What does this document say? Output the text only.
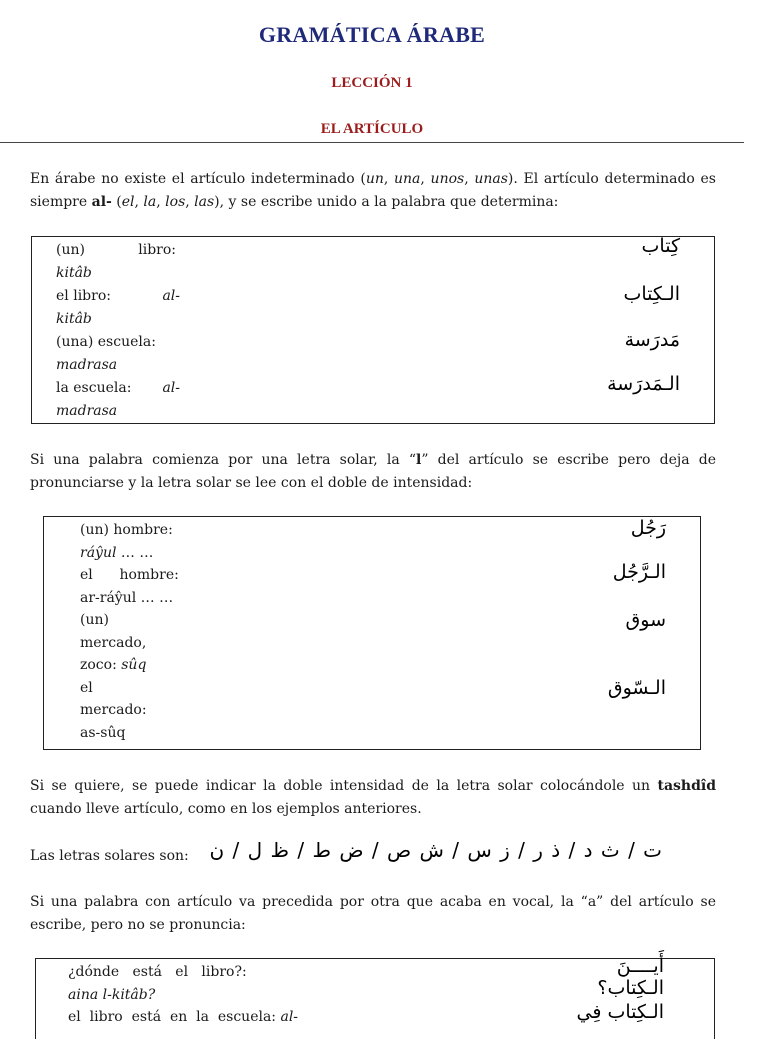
GRAMÁTICA ÁRABE
LECCIÓN 1
EL ARTÍCULO
En árabe no existe el artículo indeterminado (un, una, unos, unas). El artículo determinado es siempre al- (el, la, los, las), y se escribe unido a la palabra que determina:
(un)	libro:
kitâb
كِتاب
el libro:	al-
kitâb
الـكِتاب
(una) escuela:
madrasa
مَدرَسة
la escuela: al-
madrasa
الـمَدرَسة
Si una palabra comienza por una letra solar, la “l” del artículo se escribe pero deja de pronunciarse y la letra solar se lee con el doble de intensidad:
(un) hombre:
ráŷul … …
el      hombre:
ar-ráŷul … …
(un)
mercado,
zoco: sûq
el
mercado:
as-sûq
رَجُل
الـرَّجُل
سوق
الـسّوق
Si se quiere, se puede indicar la doble intensidad de la letra solar colocándole un tashdîd cuando lleve artículo, como en los ejemplos anteriores.
Las letras solares son: ت / ث د / ذ ر / ز س / ش ص / ض ط / ظ ل / ن
Si una palabra con artículo va precedida por otra que acaba en vocal, la “a” del artículo se escribe, pero no se pronuncia:
¿dónde   está   el   libro?:
aina l-kitâb?
el  libro  está  en  la  escuela: al-
أَيــــنَ
الـكِتاب؟
الـكِتاب فِي
